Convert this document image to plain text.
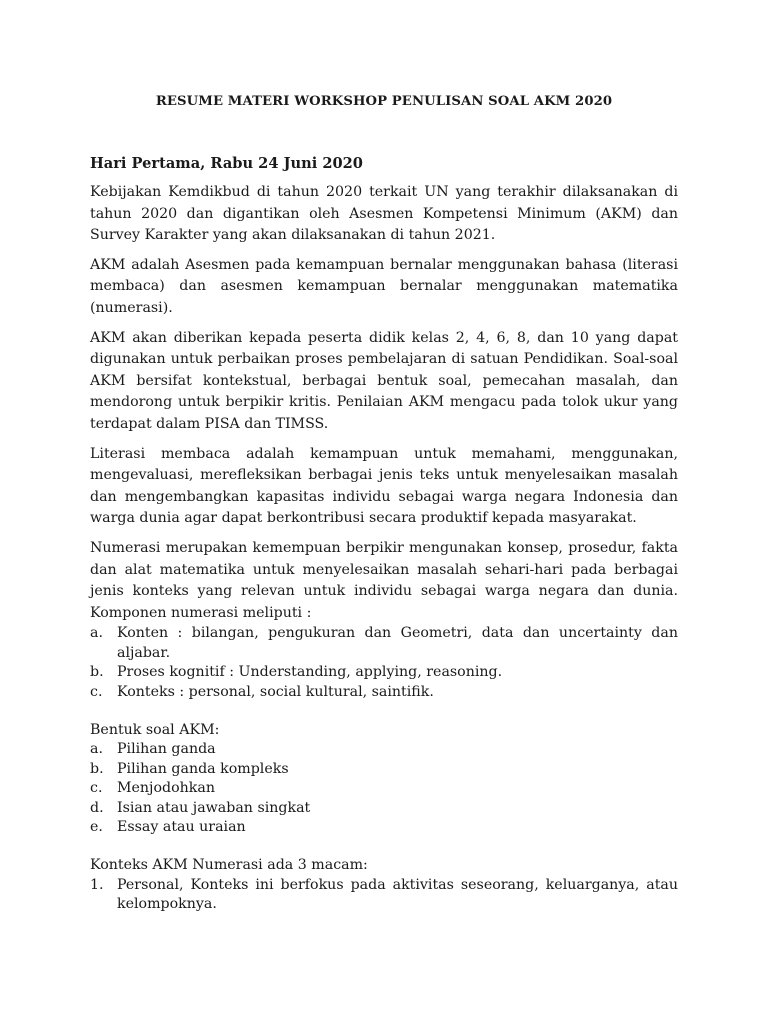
RESUME MATERI WORKSHOP PENULISAN SOAL AKM 2020
Hari Pertama, Rabu 24 Juni 2020

Kebijakan Kemdikbud di tahun 2020 terkait UN yang terakhir dilaksanakan di tahun 2020 dan digantikan oleh Asesmen Kompetensi Minimum (AKM) dan Survey Karakter yang akan dilaksanakan di tahun 2021.

AKM adalah Asesmen pada kemampuan bernalar menggunakan bahasa (literasi membaca) dan asesmen kemampuan bernalar menggunakan matematika (numerasi).

AKM akan diberikan kepada peserta didik kelas 2, 4, 6, 8, dan 10 yang dapat digunakan untuk perbaikan proses pembelajaran di satuan Pendidikan. Soal-soal AKM bersifat kontekstual, berbagai bentuk soal, pemecahan masalah, dan mendorong untuk berpikir kritis. Penilaian AKM mengacu pada tolok ukur yang terdapat dalam PISA dan TIMSS.

Literasi membaca adalah kemampuan untuk memahami, menggunakan, mengevaluasi, merefleksikan berbagai jenis teks untuk menyelesaikan masalah dan mengembangkan kapasitas individu sebagai warga negara Indonesia dan warga dunia agar dapat berkontribusi secara produktif kepada masyarakat.

Numerasi merupakan kemempuan berpikir mengunakan konsep, prosedur, fakta dan alat matematika untuk menyelesaikan masalah sehari-hari pada berbagai jenis konteks yang relevan untuk individu sebagai warga negara dan dunia. Komponen numerasi meliputi :

a. Konten : bilangan, pengukuran dan Geometri, data dan uncertainty dan aljabar.
b. Proses kognitif : Understanding, applying, reasoning.
c. Konteks : personal, social kultural, saintifik.
Bentuk soal AKM:
a. Pilihan ganda
b. Pilihan ganda kompleks
c. Menjodohkan
d. Isian atau jawaban singkat
e. Essay atau uraian
Konteks AKM Numerasi ada 3 macam:
1. Personal, Konteks ini berfokus pada aktivitas seseorang, keluarganya, atau kelompoknya.
